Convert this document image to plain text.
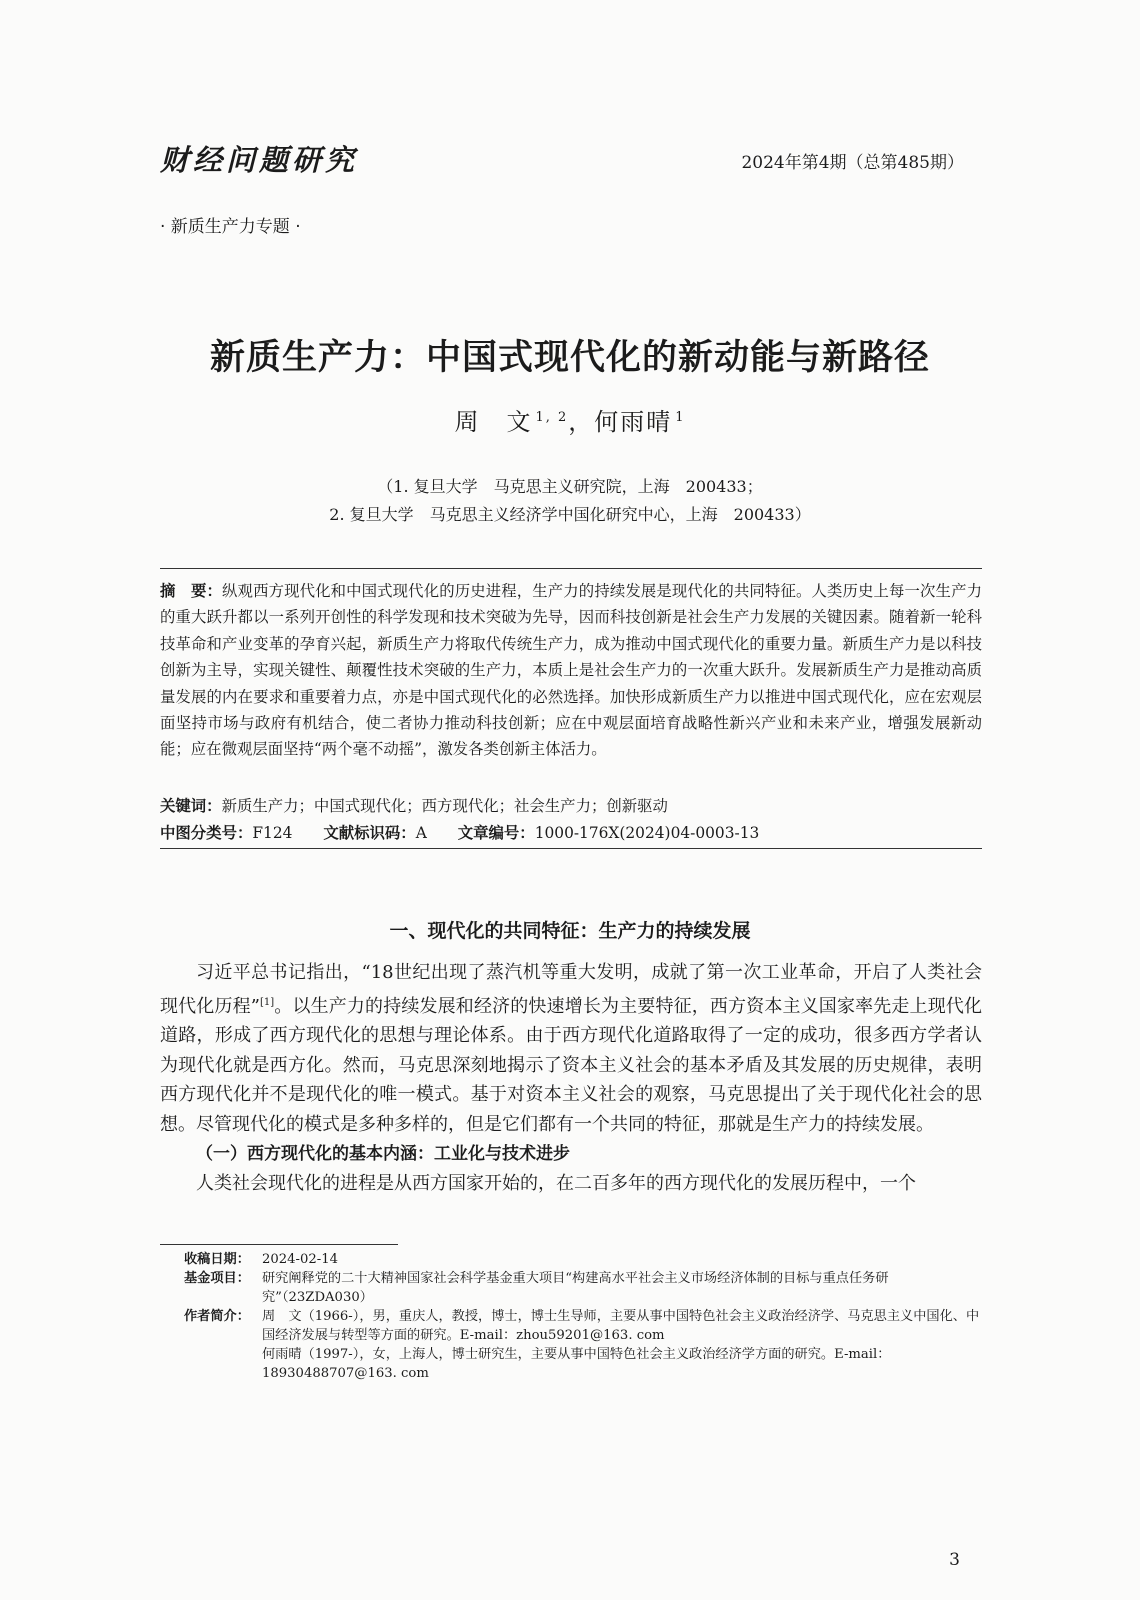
财经问题研究	2024年第4期（总第485期）
· 新质生产力专题 ·
新质生产力：中国式现代化的新动能与新路径
周　文 $^{1, 2}$，何雨晴 $^1$
（1. 复旦大学　马克思主义研究院，上海　200433；
2. 复旦大学　马克思主义经济学中国化研究中心，上海　200433）
摘　要：纵观西方现代化和中国式现代化的历史进程，生产力的持续发展是现代化的共同特征。人类历史上每一次生产力的重大跃升都以一系列开创性的科学发现和技术突破为先导，因而科技创新是社会生产力发展的关键因素。随着新一轮科技革命和产业变革的孕育兴起，新质生产力将取代传统生产力，成为推动中国式现代化的重要力量。新质生产力是以科技创新为主导，实现关键性、颠覆性技术突破的生产力，本质上是社会生产力的一次重大跃升。发展新质生产力是推动高质量发展的内在要求和重要着力点，亦是中国式现代化的必然选择。加快形成新质生产力以推进中国式现代化，应在宏观层面坚持市场与政府有机结合，使二者协力推动科技创新；应在中观层面培育战略性新兴产业和未来产业，增强发展新动能；应在微观层面坚持“两个毫不动摇”，激发各类创新主体活力。
关键词：新质生产力；中国式现代化；西方现代化；社会生产力；创新驱动
中图分类号：F124 文献标识码：A 文章编号：1000-176X(2024)04-0003-13
一、现代化的共同特征：生产力的持续发展

习近平总书记指出，“18世纪出现了蒸汽机等重大发明，成就了第一次工业革命，开启了人类社会现代化历程”[1]。以生产力的持续发展和经济的快速增长为主要特征，西方资本主义国家率先走上现代化道路，形成了西方现代化的思想与理论体系。由于西方现代化道路取得了一定的成功，很多西方学者认为现代化就是西方化。然而，马克思深刻地揭示了资本主义社会的基本矛盾及其发展的历史规律，表明西方现代化并不是现代化的唯一模式。基于对资本主义社会的观察，马克思提出了关于现代化社会的思想。尽管现代化的模式是多种多样的，但是它们都有一个共同的特征，那就是生产力的持续发展。

（一）西方现代化的基本内涵：工业化与技术进步

人类社会现代化的进程是从西方国家开始的，在二百多年的西方现代化的发展历程中，一个

收稿日期： 2024-02-14
基金项目： 研究阐释党的二十大精神国家社会科学基金重大项目“构建高水平社会主义市场经济体制的目标与重点任务研究”（23ZDA030）
作者简介： 周　文（1966-），男，重庆人，教授，博士，博士生导师，主要从事中国特色社会主义政治经济学、马克思主义中国化、中国经济发展与转型等方面的研究。E-mail：zhou59201@163. com
何雨晴（1997-），女，上海人，博士研究生，主要从事中国特色社会主义政治经济学方面的研究。E-mail：18930488707@163. com
3
